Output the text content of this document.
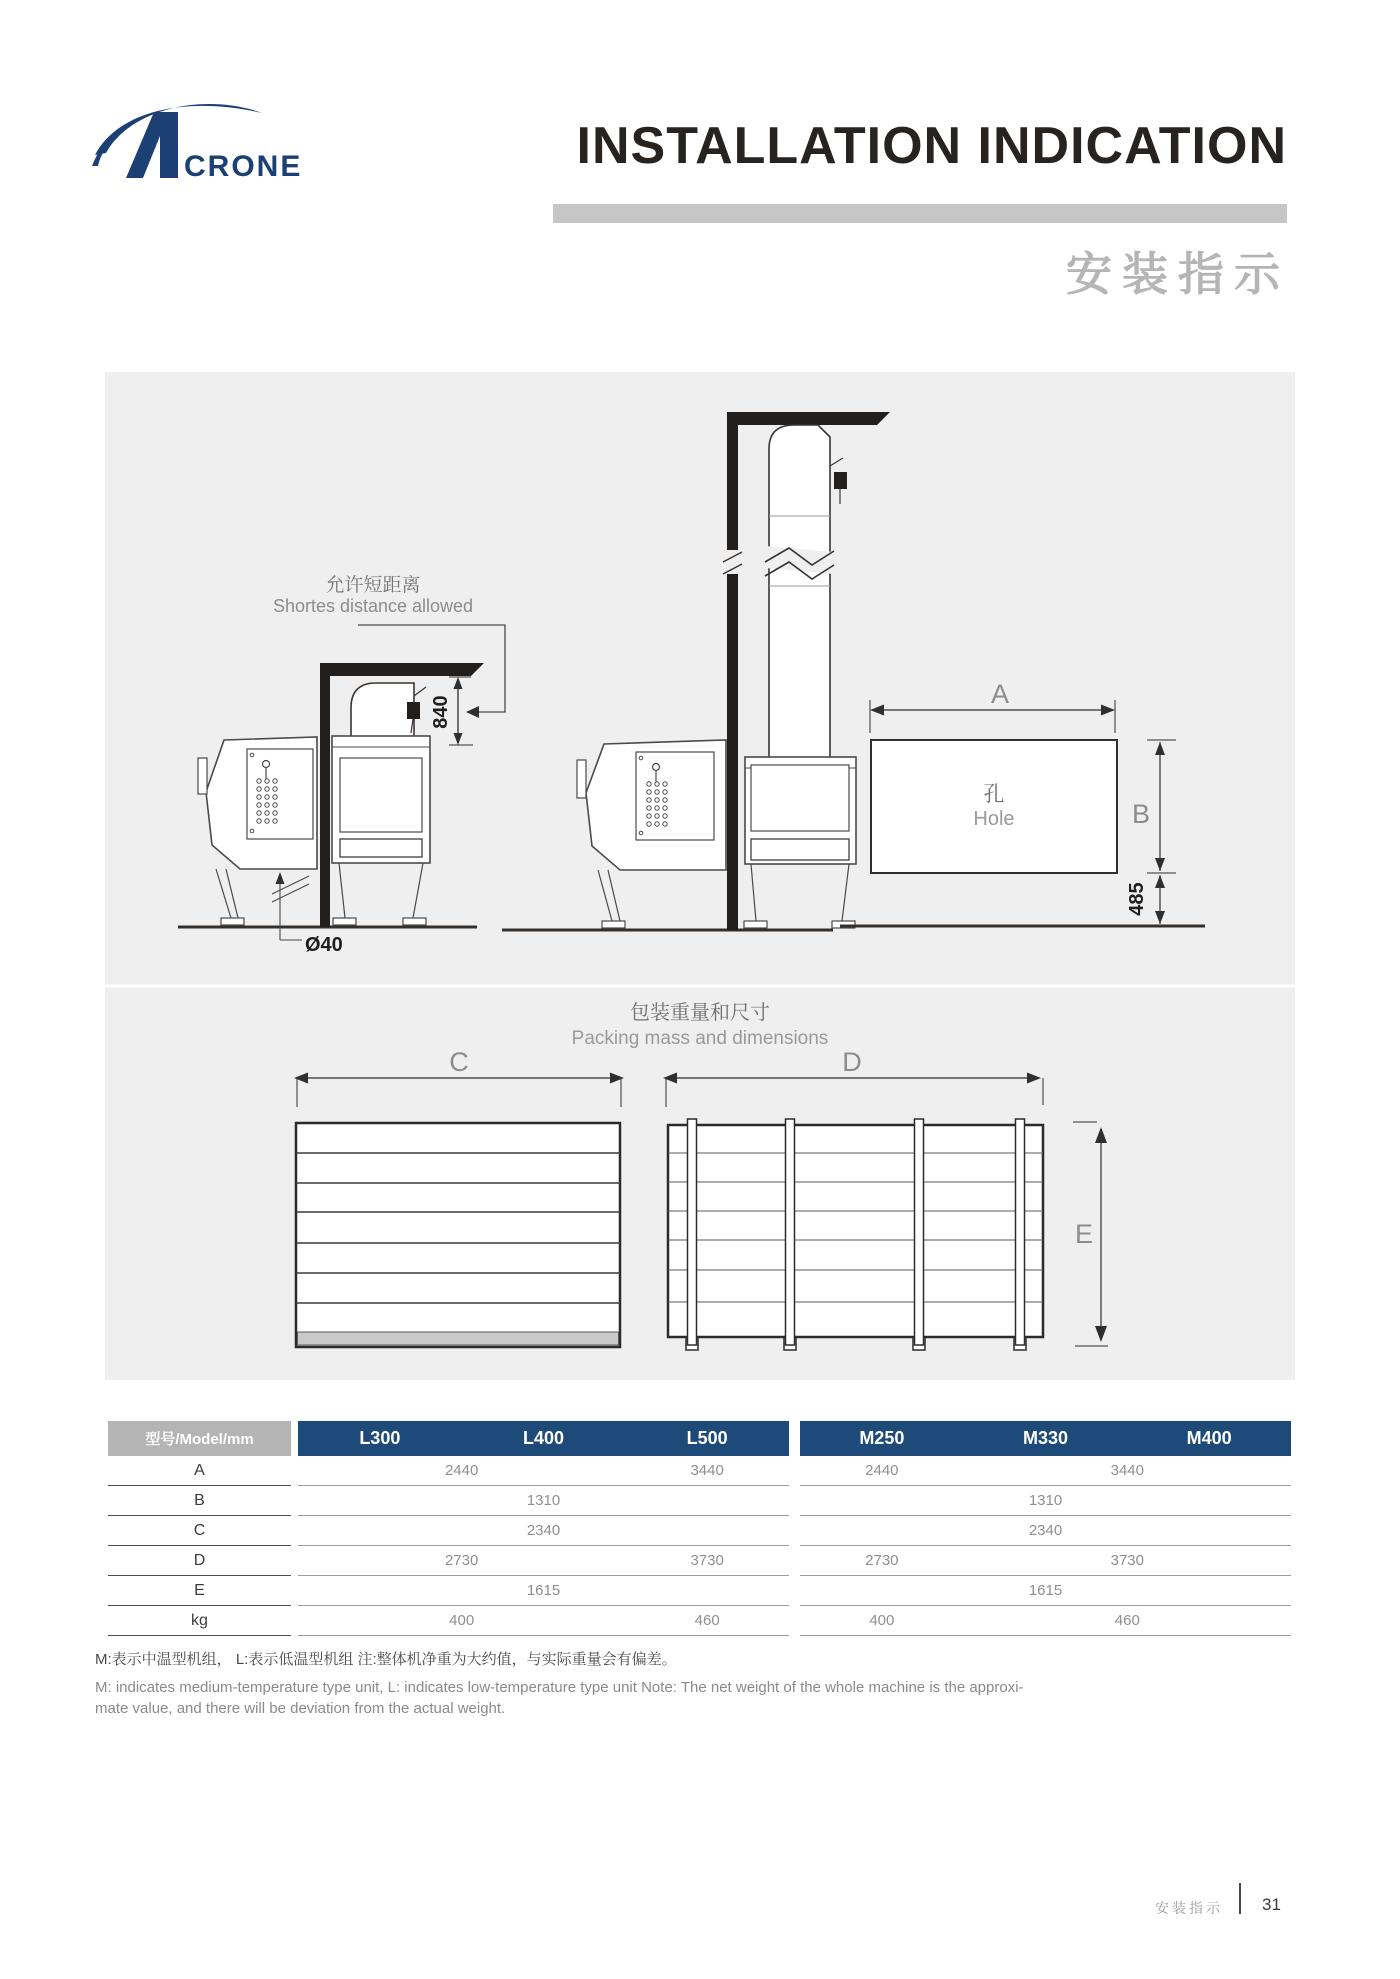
CRONE	INSTALLATION INDICATION
安装指示
允许短距离
Shortes distance allowed
840
Ø40
A
孔
Hole	B
485
包装重量和尺寸
Packing mass and dimensions
C	D
E
型号/Model/mm	L300	L400	L500	M250	M330	M400
A	2440	3440	2440	3440
B	1310	1310
C	2340	2340
D	2730	3730	2730	3730
E	1615	1615
kg	400	460	400	460
M:表示中温型机组， L:表示低温型机组 注:整体机净重为大约值，与实际重量会有偏差。
M: indicates medium-temperature type unit, L: indicates low-temperature type unit Note: The net weight of the whole machine is the approxi-
mate value, and there will be deviation from the actual weight.
安装指示 31
